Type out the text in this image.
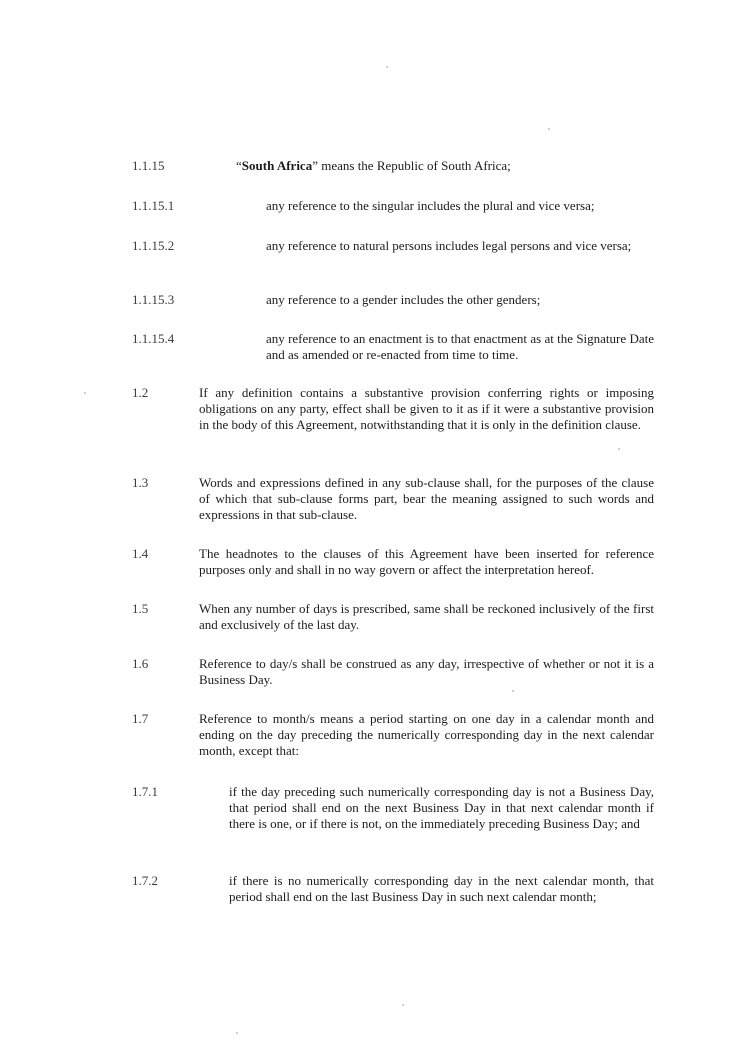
1.1.15	“South Africa” means the Republic of South Africa;
1.1.15.1	any reference to the singular includes the plural and vice versa;
1.1.15.2	any reference to natural persons includes legal persons and vice versa;
1.1.15.3	any reference to a gender includes the other genders;
1.1.15.4	any reference to an enactment is to that enactment as at the Signature Date and as amended or re-enacted from time to time.
1.2	If any definition contains a substantive provision conferring rights or imposing obligations on any party, effect shall be given to it as if it were a substantive provision in the body of this Agreement, notwithstanding that it is only in the definition clause.
1.3	Words and expressions defined in any sub-clause shall, for the purposes of the clause of which that sub-clause forms part, bear the meaning assigned to such words and expressions in that sub-clause.
1.4	The headnotes to the clauses of this Agreement have been inserted for reference purposes only and shall in no way govern or affect the interpretation hereof.
1.5	When any number of days is prescribed, same shall be reckoned inclusively of the first and exclusively of the last day.
1.6	Reference to day/s shall be construed as any day, irrespective of whether or not it is a Business Day.
1.7	Reference to month/s means a period starting on one day in a calendar month and ending on the day preceding the numerically corresponding day in the next calendar month, except that:
1.7.1	if the day preceding such numerically corresponding day is not a Business Day, that period shall end on the next Business Day in that next calendar month if there is one, or if there is not, on the immediately preceding Business Day; and
1.7.2	if there is no numerically corresponding day in the next calendar month, that period shall end on the last Business Day in such next calendar month;
